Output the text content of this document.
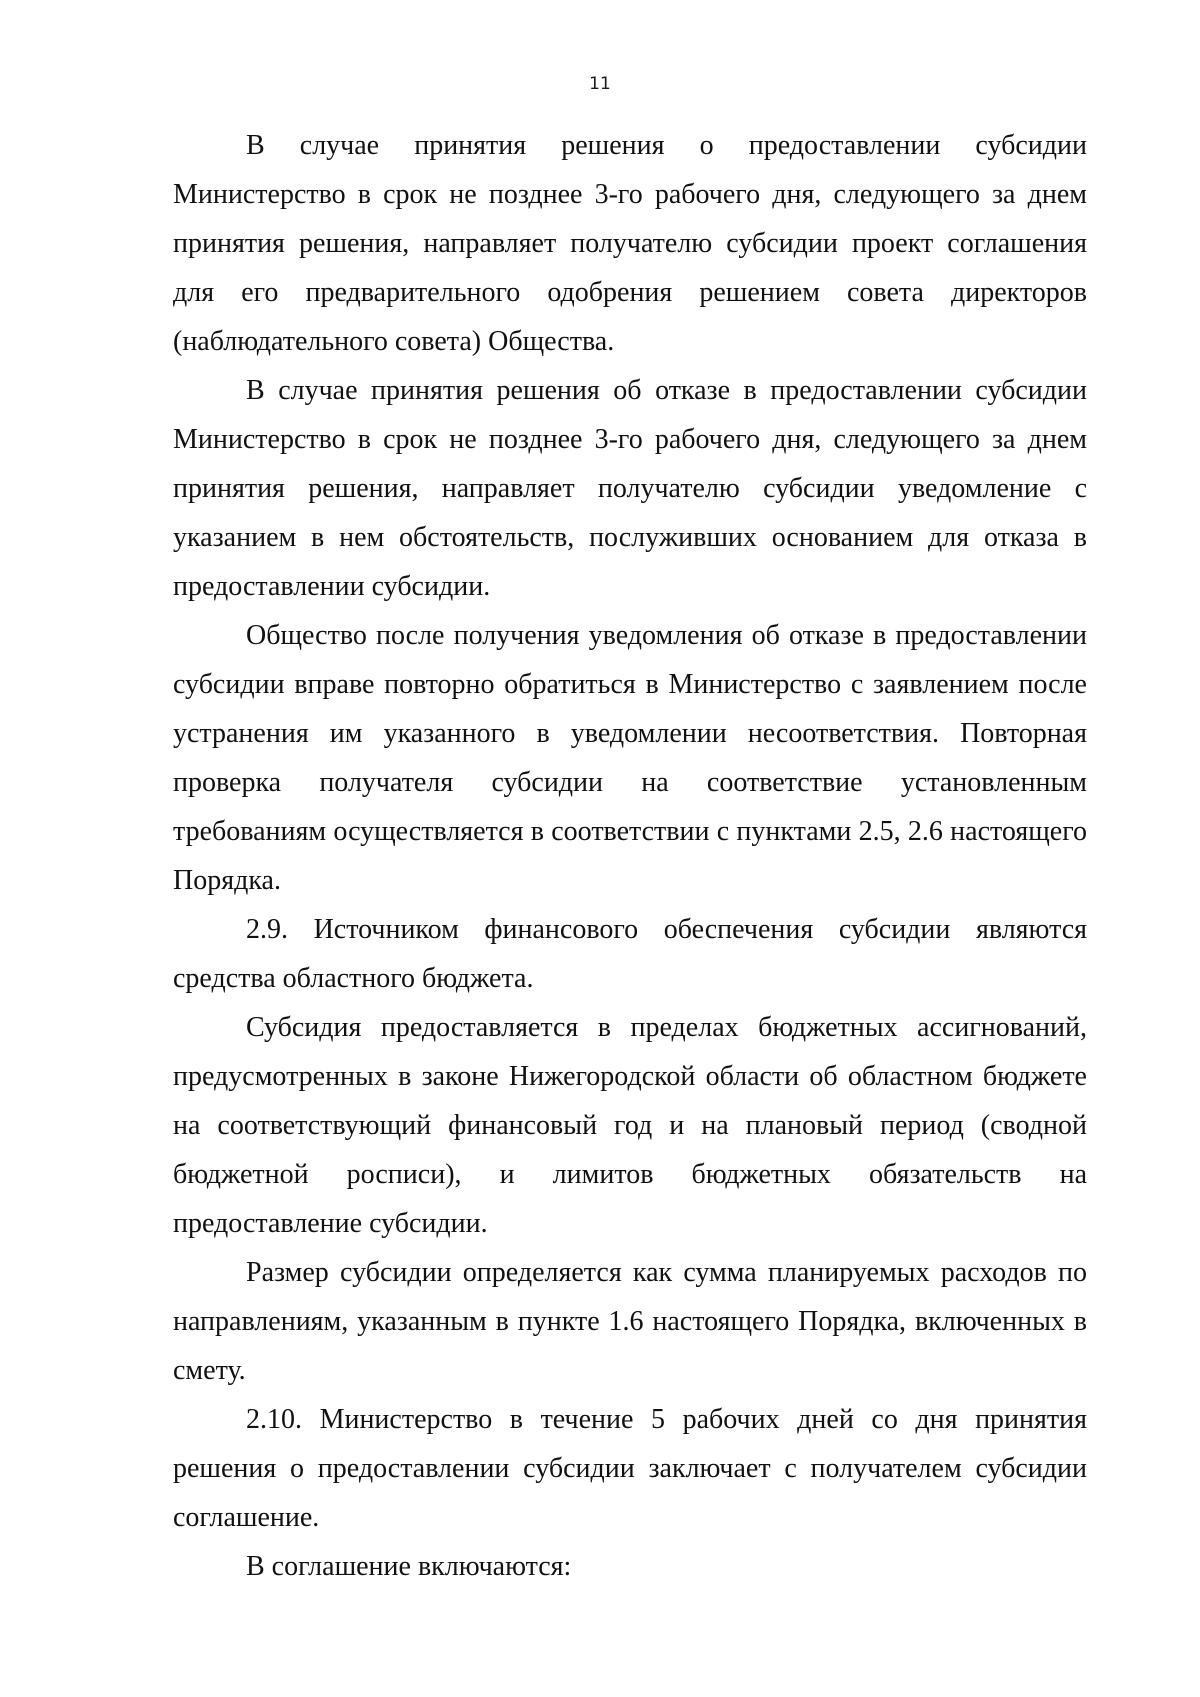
11

В случае принятия решения о предоставлении субсидии Министерство в срок не позднее 3-го рабочего дня, следующего за днем принятия решения, направляет получателю субсидии проект соглашения для его предварительного одобрения решением совета директоров (наблюдательного совета) Общества.

В случае принятия решения об отказе в предоставлении субсидии Министерство в срок не позднее 3-го рабочего дня, следующего за днем принятия решения, направляет получателю субсидии уведомление с указанием в нем обстоятельств, послуживших основанием для отказа в предоставлении субсидии.

Общество после получения уведомления об отказе в предоставлении субсидии вправе повторно обратиться в Министерство с заявлением после устранения им указанного в уведомлении несоответствия. Повторная проверка получателя субсидии на соответствие установленным требованиям осуществляется в соответствии с пунктами 2.5, 2.6 настоящего Порядка.

2.9. Источником финансового обеспечения субсидии являются средства областного бюджета.

Субсидия предоставляется в пределах бюджетных ассигнований, предусмотренных в законе Нижегородской области об областном бюджете на соответствующий финансовый год и на плановый период (сводной бюджетной росписи), и лимитов бюджетных обязательств на предоставление субсидии.

Размер субсидии определяется как сумма планируемых расходов по направлениям, указанным в пункте 1.6 настоящего Порядка, включенных в смету.

2.10. Министерство в течение 5 рабочих дней со дня принятия решения о предоставлении субсидии заключает с получателем субсидии соглашение.

В соглашение включаются:
